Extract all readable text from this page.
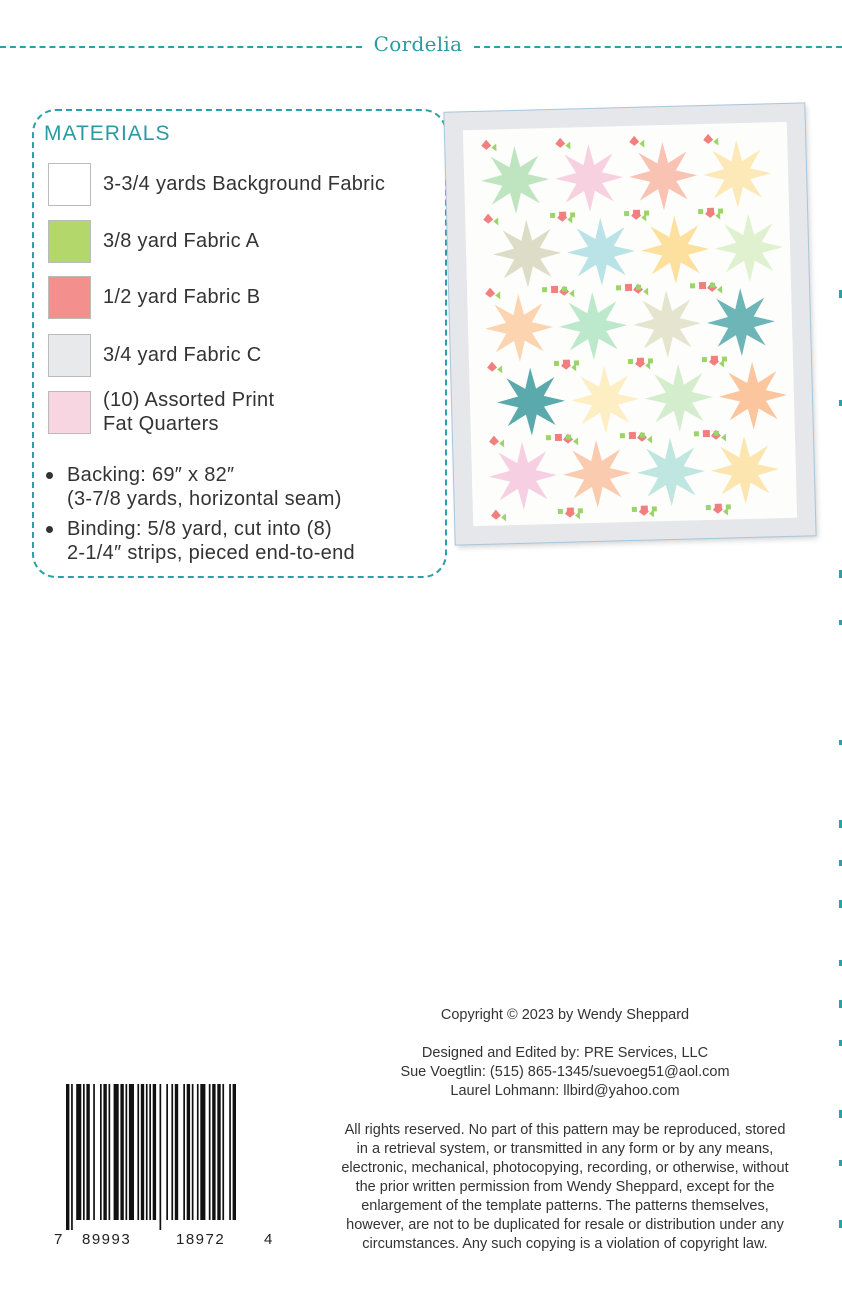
Cordelia
MATERIALS
3-3/4 yards Background Fabric
3/8 yard Fabric A
1/2 yard Fabric B
3/4 yard Fabric C
(10) Assorted Print
Fat Quarters
Backing: 69″ x 82″
(3-7/8 yards, horizontal seam)
Binding: 5/8 yard, cut into (8)
2-1/4″ strips, pieced end-to-end
Copyright © 2023 by Wendy Sheppard
Designed and Edited by: PRE Services, LLC
Sue Voegtlin: (515) 865-1345/suevoeg51@aol.com
Laurel Lohmann: llbird@yahoo.com
All rights reserved. No part of this pattern may be reproduced, stored
in a retrieval system, or transmitted in any form or by any means,
electronic, mechanical, photocopying, recording, or otherwise, without
the prior written permission from Wendy Sheppard, except for the
enlargement of the template patterns. The patterns themselves,
however, are not to be duplicated for resale or distribution under any
circumstances. Any such copying is a violation of copyright law.
7 89993	18972	4
